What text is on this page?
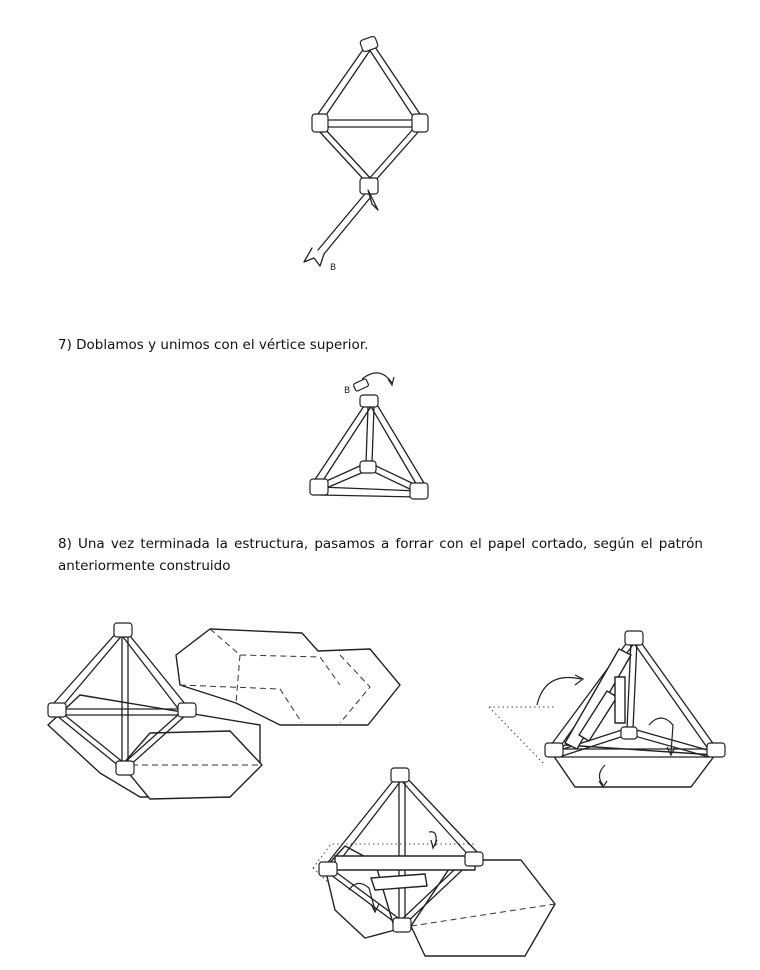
B

7) Doblamos y unimos con el vértice superior.

B

8) Una vez terminada la estructura, pasamos a forrar con el papel cortado, según el patrón anteriormente construido
